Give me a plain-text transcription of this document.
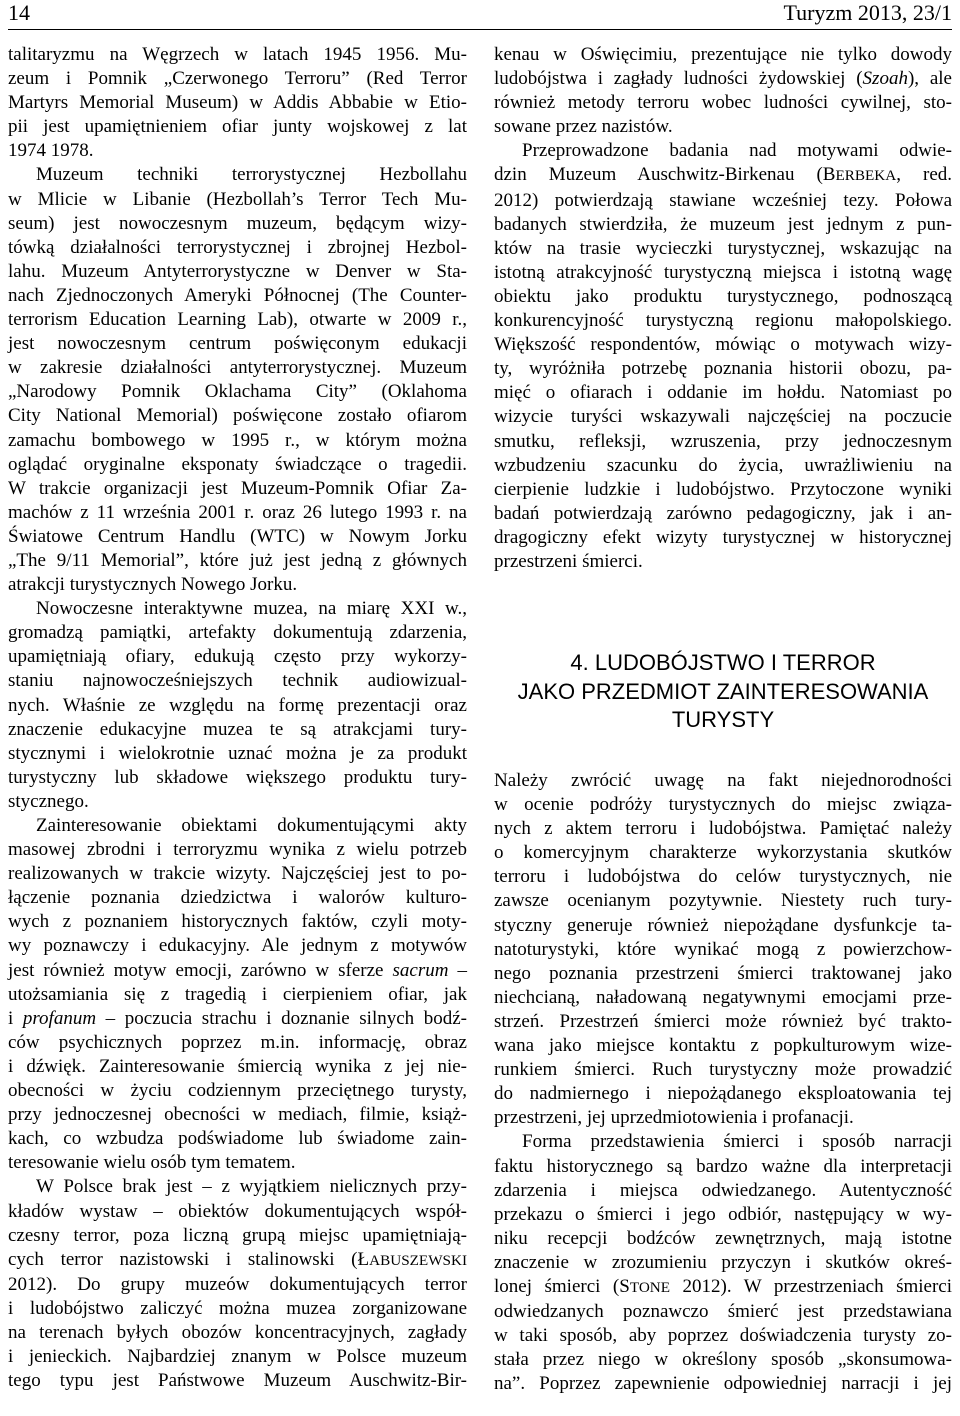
14	Turyzm 2013, 23/1
talitaryzmu na Węgrzech w latach 1945 1956. Mu-
zeum i Pomnik „Czerwonego Terroru” (Red Terror
Martyrs Memorial Museum) w Addis Abbabie w Etio-
pii jest upamiętnieniem ofiar junty wojskowej z lat
1974 1978.
Muzeum techniki terrorystycznej Hezbollahu
w Mlicie w Libanie (Hezbollah’s Terror Tech Mu-
seum) jest nowoczesnym muzeum, będącym wizy-
tówką działalności terrorystycznej i zbrojnej Hezbol-
lahu. Muzeum Antyterrorystyczne w Denver w Sta-
nach Zjednoczonych Ameryki Północnej (The Counter-
terrorism Education Learning Lab), otwarte w 2009 r.,
jest nowoczesnym centrum poświęconym edukacji
w zakresie działalności antyterrorystycznej. Muzeum
„Narodowy Pomnik Oklachama City” (Oklahoma
City National Memorial) poświęcone zostało ofiarom
zamachu bombowego w 1995 r., w którym można
oglądać oryginalne eksponaty świadczące o tragedii.
W trakcie organizacji jest Muzeum-Pomnik Ofiar Za-
machów z 11 września 2001 r. oraz 26 lutego 1993 r. na
Światowe Centrum Handlu (WTC) w Nowym Jorku
„The 9/11 Memorial”, które już jest jedną z głównych
atrakcji turystycznych Nowego Jorku.
Nowoczesne interaktywne muzea, na miarę XXI w.,
gromadzą pamiątki, artefakty dokumentują zdarzenia,
upamiętniają ofiary, edukują często przy wykorzy-
staniu najnowocześniejszych technik audiowizual-
nych. Właśnie ze względu na formę prezentacji oraz
znaczenie edukacyjne muzea te są atrakcjami tury-
stycznymi i wielokrotnie uznać można je za produkt
turystyczny lub składowe większego produktu tury-
stycznego.
Zainteresowanie obiektami dokumentującymi akty
masowej zbrodni i terroryzmu wynika z wielu potrzeb
realizowanych w trakcie wizyty. Najczęściej jest to po-
łączenie poznania dziedzictwa i walorów kulturo-
wych z poznaniem historycznych faktów, czyli moty-
wy poznawczy i edukacyjny. Ale jednym z motywów
jest również motyw emocji, zarówno w sferze sacrum –
utożsamiania się z tragedią i cierpieniem ofiar, jak
i profanum – poczucia strachu i doznanie silnych bodź-
ców psychicznych poprzez m.in. informację, obraz
i dźwięk. Zainteresowanie śmiercią wynika z jej nie-
obecności w życiu codziennym przeciętnego turysty,
przy jednoczesnej obecności w mediach, filmie, książ-
kach, co wzbudza podświadome lub świadome zain-
teresowanie wielu osób tym tematem.
W Polsce brak jest – z wyjątkiem nielicznych przy-
kładów wystaw – obiektów dokumentujących współ-
czesny terror, poza liczną grupą miejsc upamiętniają-
cych terror nazistowski i stalinowski (ŁABUSZEWSKI
2012). Do grupy muzeów dokumentujących terror
i ludobójstwo zaliczyć można muzea zorganizowane
na terenach byłych obozów koncentracyjnych, zagłady
i jenieckich. Najbardziej znanym w Polsce muzeum
tego typu jest Państwowe Muzeum Auschwitz-Bir-
kenau w Oświęcimiu, prezentujące nie tylko dowody
ludobójstwa i zagłady ludności żydowskiej (Szoah), ale
również metody terroru wobec ludności cywilnej, sto-
sowane przez nazistów.
Przeprowadzone badania nad motywami odwie-
dzin Muzeum Auschwitz-Birkenau (BERBEKA, red.
2012) potwierdzają stawiane wcześniej tezy. Połowa
badanych stwierdziła, że muzeum jest jednym z pun-
któw na trasie wycieczki turystycznej, wskazując na
istotną atrakcyjność turystyczną miejsca i istotną wagę
obiektu jako produktu turystycznego, podnoszącą
konkurencyjność turystyczną regionu małopolskiego.
Większość respondentów, mówiąc o motywach wizy-
ty, wyróżniła potrzebę poznania historii obozu, pa-
mięć o ofiarach i oddanie im hołdu. Natomiast po
wizycie turyści wskazywali najczęściej na poczucie
smutku, refleksji, wzruszenia, przy jednoczesnym
wzbudzeniu szacunku do życia, uwrażliwieniu na
cierpienie ludzkie i ludobójstwo. Przytoczone wyniki
badań potwierdzają zarówno pedagogiczny, jak i an-
dragogiczny efekt wizyty turystycznej w historycznej
przestrzeni śmierci.
4. LUDOBÓJSTWO I TERROR
JAKO PRZEDMIOT ZAINTERESOWANIA
TURYSTY
Należy zwrócić uwagę na fakt niejednorodności
w ocenie podróży turystycznych do miejsc związa-
nych z aktem terroru i ludobójstwa. Pamiętać należy
o komercyjnym charakterze wykorzystania skutków
terroru i ludobójstwa do celów turystycznych, nie
zawsze ocenianym pozytywnie. Niestety ruch tury-
styczny generuje również niepożądane dysfunkcje ta-
natoturystyki, które wynikać mogą z powierzchow-
nego poznania przestrzeni śmierci traktowanej jako
niechcianą, naładowaną negatywnymi emocjami prze-
strzeń. Przestrzeń śmierci może również być trakto-
wana jako miejsce kontaktu z popkulturowym wize-
runkiem śmierci. Ruch turystyczny może prowadzić
do nadmiernego i niepożądanego eksploatowania tej
przestrzeni, jej uprzedmiotowienia i profanacji.
Forma przedstawienia śmierci i sposób narracji
faktu historycznego są bardzo ważne dla interpretacji
zdarzenia i miejsca odwiedzanego. Autentyczność
przekazu o śmierci i jego odbiór, następujący w wy-
niku recepcji bodźców zewnętrznych, mają istotne
znaczenie w zrozumieniu przyczyn i skutków okreś-
lonej śmierci (STONE 2012). W przestrzeniach śmierci
odwiedzanych poznawczo śmierć jest przedstawiana
w taki sposób, aby poprzez doświadczenia turysty zo-
stała przez niego w określony sposób „skonsumowa-
na”. Poprzez zapewnienie odpowiedniej narracji i jej
